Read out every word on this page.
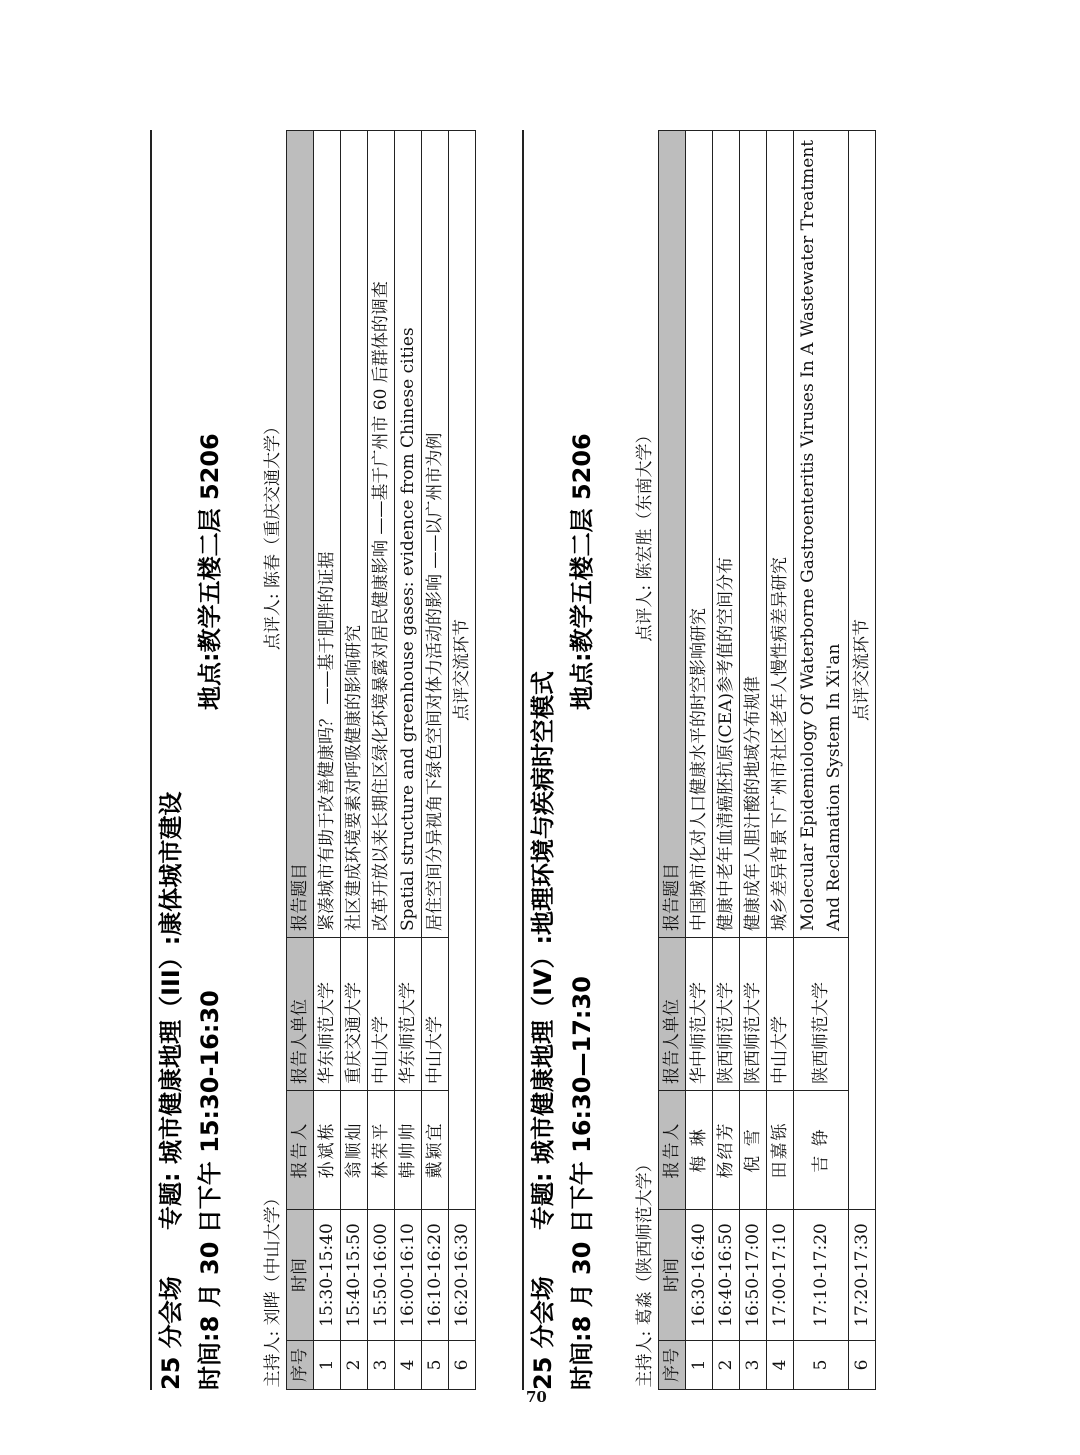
25 分会场专题: 城市健康地理（III）:康体城市建设 时间:8 月 30 日下午 15:30-16:30
地点:教学五楼二层 5206
主持人: 刘晔（中山大学）				点评人: 陈春（重庆交通大学）
序号	时间	报告人	报告人单位	报告题目
1	15:30-15:40	孙斌栋	华东师范大学	紧凑城市有助于改善健康吗？ ——基于肥胖的证据
2	15:40-15:50	翁顺灿	重庆交通大学	社区建成环境要素对呼吸健康的影响研究
3	15:50-16:00	林荣平	中山大学	改革开放以来长期住区绿化环境暴露对居民健康影响 ——基于广州市 60 后群体的调查
4	16:00-16:10	韩帅帅	华东师范大学	Spatial structure and greenhouse gases: evidence from Chinese cities
5	16:10-16:20	戴颖宜	中山大学	居住空间分异视角下绿色空间对体力活动的影响 ——以广州市为例
6	16:20-16:30	点评交流环节		
25 分会场专题: 城市健康地理（IV）:地理环境与疾病时空模式 时间:8 月 30 日下午 16:30—17:30
地点:教学五楼二层 5206
主持人: 葛淼（陕西师范大学）				点评人: 陈宏胜（东南大学）
序号	时间	报告人	报告人单位	报告题目
1	16:30-16:40	梅 琳	华中师范大学	中国城市化对人口健康水平的时空影响研究
2	16:40-16:50	杨绍芳	陕西师范大学	健康中老年血清癌胚抗原(CEA)参考值的空间分布
3	16:50-17:00	倪 雪	陕西师范大学	健康成年人胆汁酸的地域分布规律
4	17:00-17:10	田嘉铄	中山大学	城乡差异背景下广州市社区老年人慢性病差异研究
5	17:10-17:20	吉 铮	陕西师范大学	Molecular Epidemiology Of Waterborne Gastroenteritis Viruses In A Wastewater Treatment And Reclamation System In Xi'an
6	17:20-17:30	点评交流环节		
70
